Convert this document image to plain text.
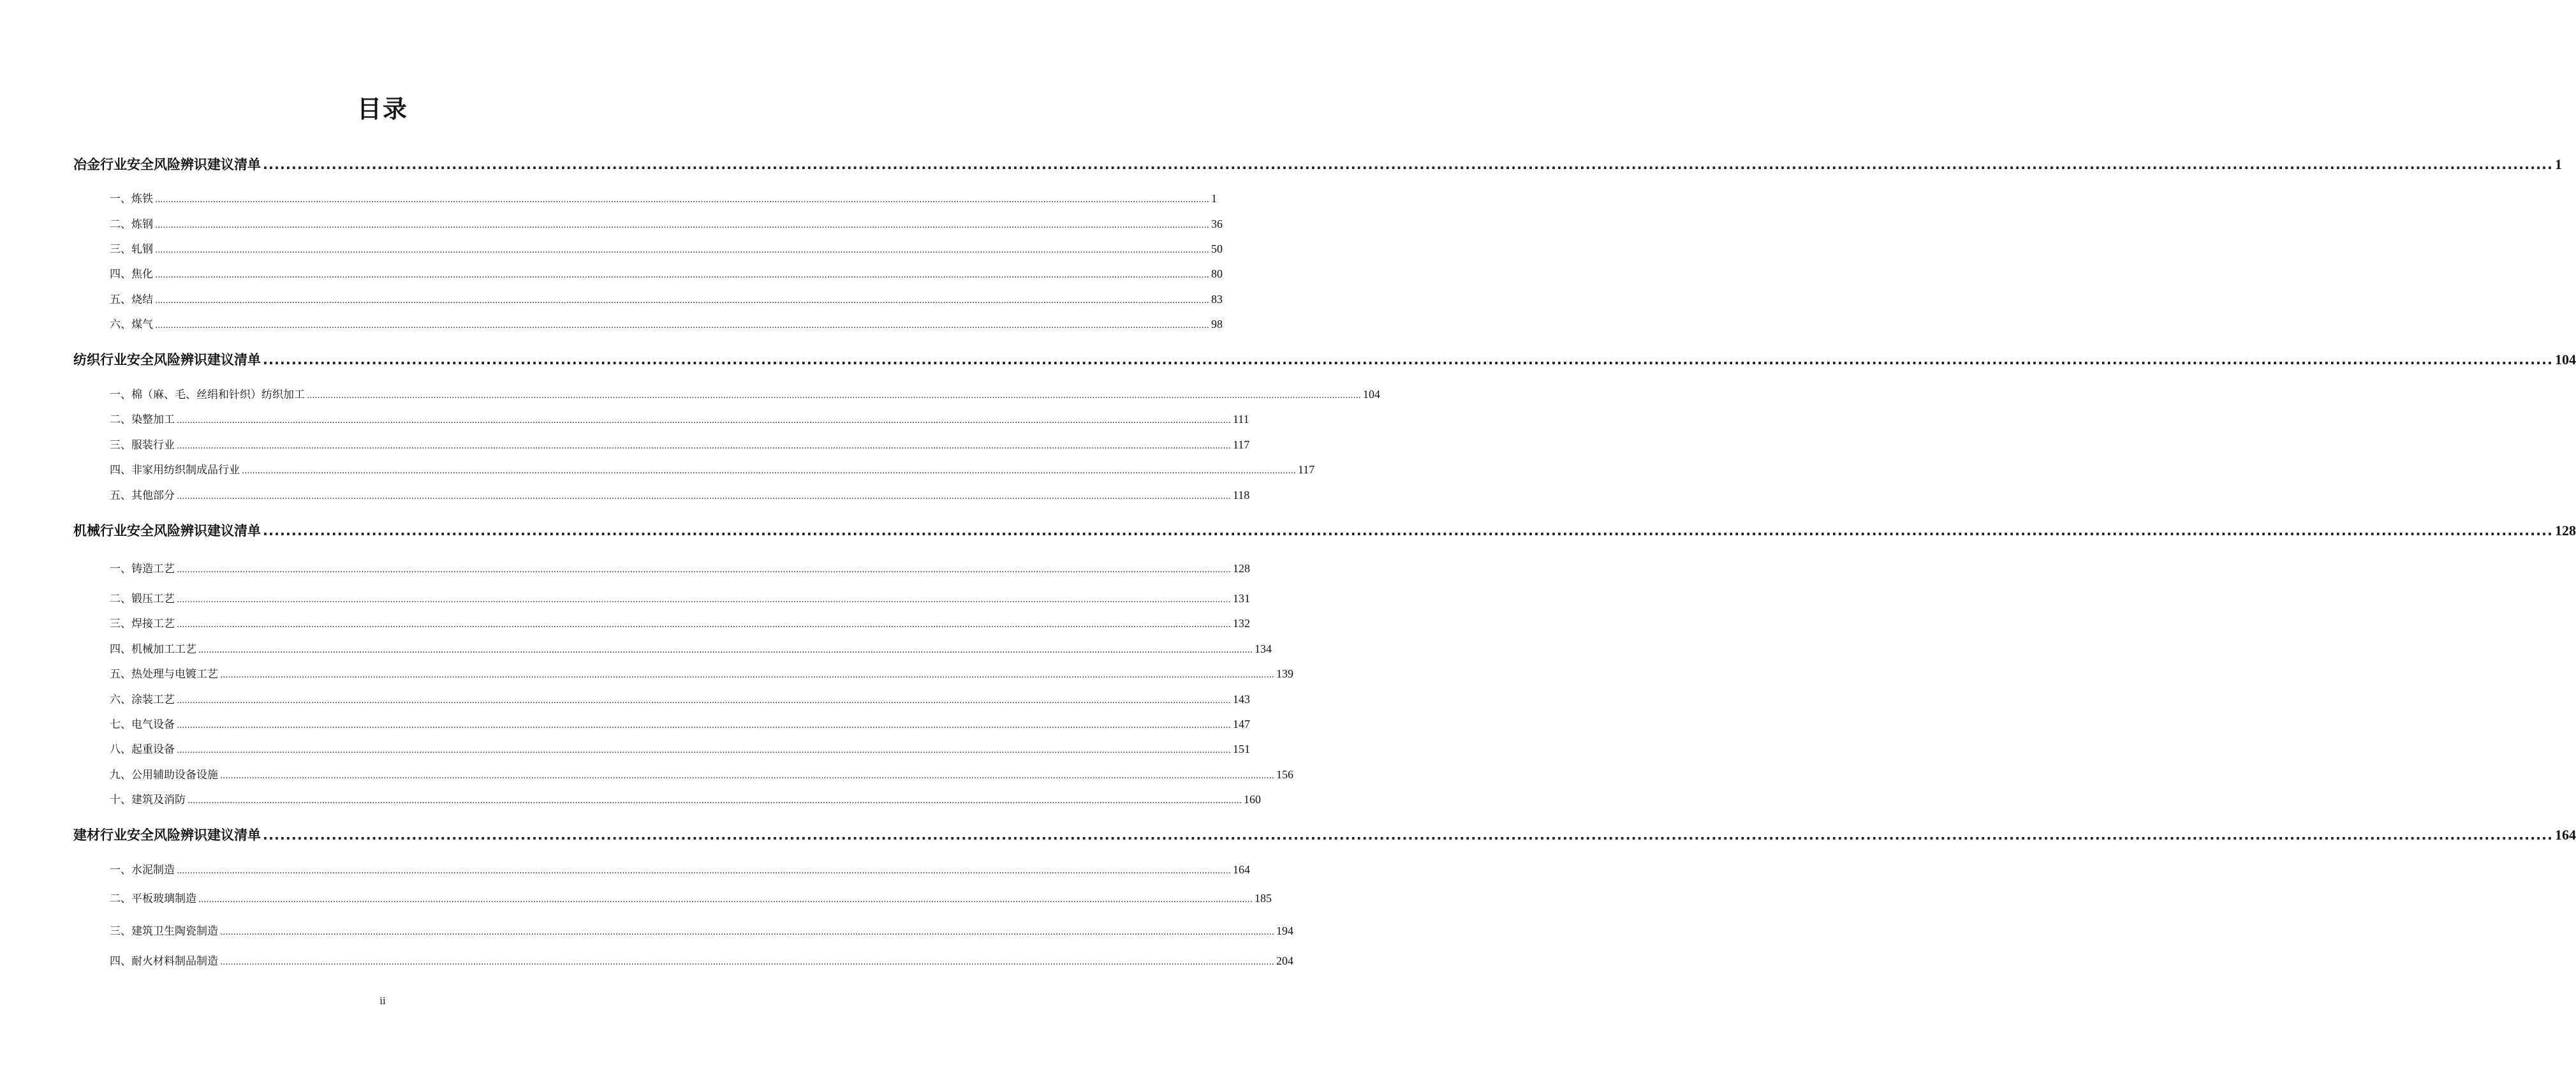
目录
冶金行业安全风险辨识建议清单 ................................................................................................................................................................................................................................................................................................................................................................................................................ 1
一、炼铁 ................................................................................................................................................................................................................................................................................................................................................................................................................ 1
二、炼钢 ................................................................................................................................................................................................................................................................................................................................................................................................................ 36
三、轧钢 ................................................................................................................................................................................................................................................................................................................................................................................................................ 50
四、焦化 ................................................................................................................................................................................................................................................................................................................................................................................................................ 80
五、烧结 ................................................................................................................................................................................................................................................................................................................................................................................................................ 83
六、煤气 ................................................................................................................................................................................................................................................................................................................................................................................................................ 98
纺织行业安全风险辨识建议清单 ................................................................................................................................................................................................................................................................................................................................................................................................................ 104
一、棉（麻、毛、丝绢和针织）纺织加工 ................................................................................................................................................................................................................................................................................................................................................................................................................ 104
二、染整加工 ................................................................................................................................................................................................................................................................................................................................................................................................................ 111
三、服装行业 ................................................................................................................................................................................................................................................................................................................................................................................................................ 117
四、非家用纺织制成品行业 ................................................................................................................................................................................................................................................................................................................................................................................................................ 117
五、其他部分 ................................................................................................................................................................................................................................................................................................................................................................................................................ 118
机械行业安全风险辨识建议清单 ................................................................................................................................................................................................................................................................................................................................................................................................................ 128
一、铸造工艺 ................................................................................................................................................................................................................................................................................................................................................................................................................ 128
二、锻压工艺 ................................................................................................................................................................................................................................................................................................................................................................................................................ 131
三、焊接工艺 ................................................................................................................................................................................................................................................................................................................................................................................................................ 132
四、机械加工工艺 ................................................................................................................................................................................................................................................................................................................................................................................................................ 134
五、热处理与电镀工艺 ................................................................................................................................................................................................................................................................................................................................................................................................................ 139
六、涂装工艺 ................................................................................................................................................................................................................................................................................................................................................................................................................ 143
七、电气设备 ................................................................................................................................................................................................................................................................................................................................................................................................................ 147
八、起重设备 ................................................................................................................................................................................................................................................................................................................................................................................................................ 151
九、公用辅助设备设施 ................................................................................................................................................................................................................................................................................................................................................................................................................ 156
十、建筑及消防 ................................................................................................................................................................................................................................................................................................................................................................................................................ 160
建材行业安全风险辨识建议清单 ................................................................................................................................................................................................................................................................................................................................................................................................................ 164
一、水泥制造 ................................................................................................................................................................................................................................................................................................................................................................................................................ 164
二、平板玻璃制造 ................................................................................................................................................................................................................................................................................................................................................................................................................ 185
三、建筑卫生陶瓷制造 ................................................................................................................................................................................................................................................................................................................................................................................................................ 194
四、耐火材料制品制造 ................................................................................................................................................................................................................................................................................................................................................................................................................ 204
ii
